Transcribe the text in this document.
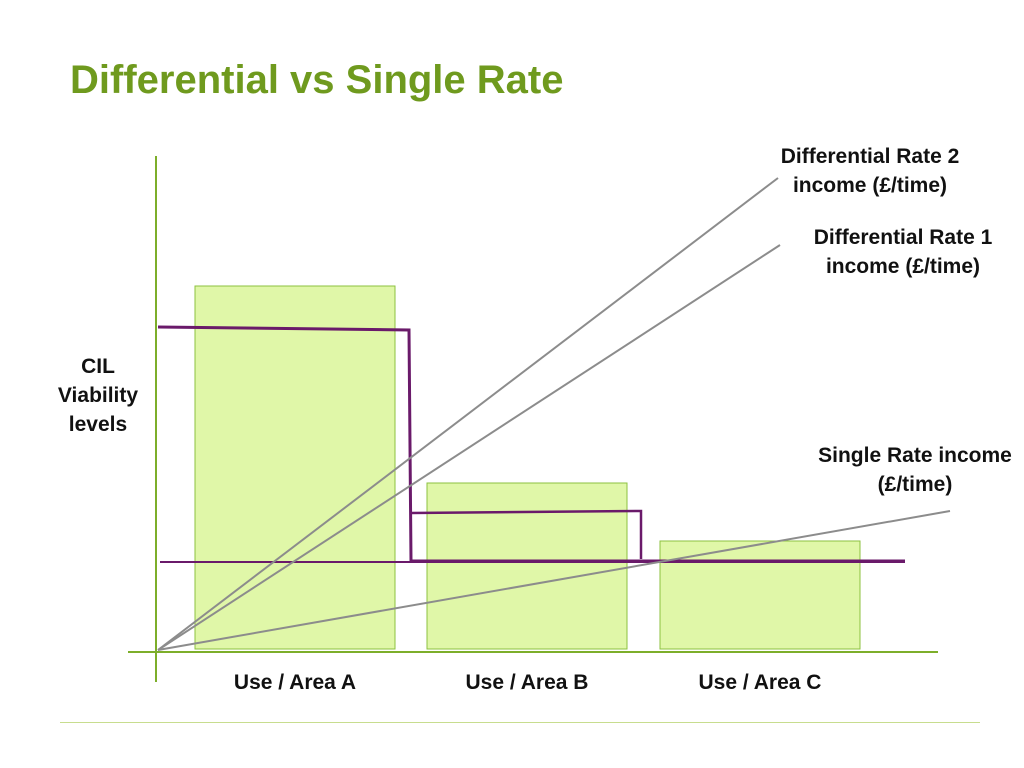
Differential vs Single Rate
CIL Viability levels
Differential Rate 2 income (£/time)
Differential Rate 1 income (£/time)
Single Rate income (£/time)
Use / Area A	Use / Area B	Use / Area C
